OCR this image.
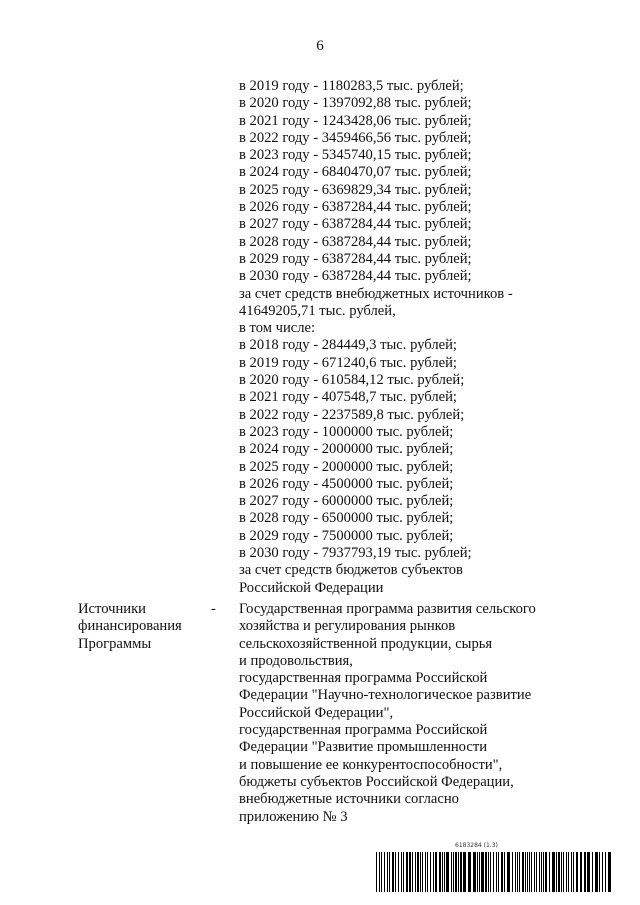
6
в 2019 году - 1180283,5 тыс. рублей;
в 2020 году - 1397092,88 тыс. рублей;
в 2021 году - 1243428,06 тыс. рублей;
в 2022 году - 3459466,56 тыс. рублей;
в 2023 году - 5345740,15 тыс. рублей;
в 2024 году - 6840470,07 тыс. рублей;
в 2025 году - 6369829,34 тыс. рублей;
в 2026 году - 6387284,44 тыс. рублей;
в 2027 году - 6387284,44 тыс. рублей;
в 2028 году - 6387284,44 тыс. рублей;
в 2029 году - 6387284,44 тыс. рублей;
в 2030 году - 6387284,44 тыс. рублей;
за счет средств внебюджетных источников -
41649205,71 тыс. рублей,
в том числе:
в 2018 году - 284449,3 тыс. рублей;
в 2019 году - 671240,6 тыс. рублей;
в 2020 году - 610584,12 тыс. рублей;
в 2021 году - 407548,7 тыс. рублей;
в 2022 году - 2237589,8 тыс. рублей;
в 2023 году - 1000000 тыс. рублей;
в 2024 году - 2000000 тыс. рублей;
в 2025 году - 2000000 тыс. рублей;
в 2026 году - 4500000 тыс. рублей;
в 2027 году - 6000000 тыс. рублей;
в 2028 году - 6500000 тыс. рублей;
в 2029 году - 7500000 тыс. рублей;
в 2030 году - 7937793,19 тыс. рублей;
за счет средств бюджетов субъектов
Российской Федерации
Источники
финансирования
Программы
- Государственная программа развития сельского
хозяйства и регулирования рынков
сельскохозяйственной продукции, сырья
и продовольствия,
государственная программа Российской
Федерации "Научно-технологическое развитие
Российской Федерации",
государственная программа Российской
Федерации "Развитие промышленности
и повышение ее конкурентоспособности",
бюджеты субъектов Российской Федерации,
внебюджетные источники согласно
приложению № 3
6183284 (1.3)
